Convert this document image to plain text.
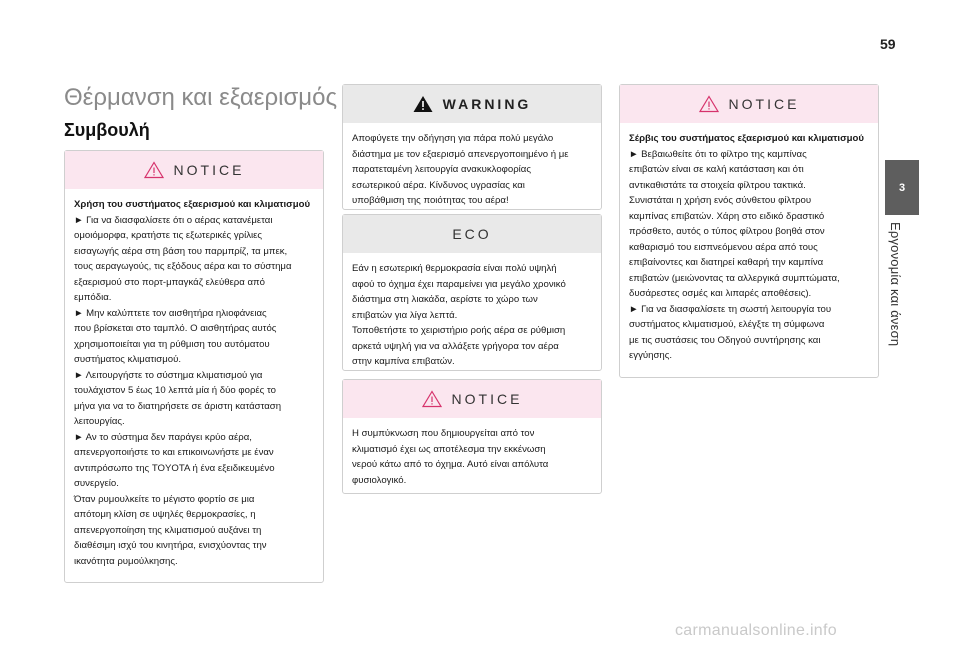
59
3
Εργονομία και άνεση
Θέρμανση και εξαερισμός
Συμβουλή
NOTICE

Χρήση του συστήματος εξαερισμού και κλιματισμού

► Για να διασφαλίσετε ότι ο αέρας κατανέμεται

ομοιόμορφα, κρατήστε τις εξωτερικές γρίλιες

εισαγωγής αέρα στη βάση του παρμπρίζ, τα μπεκ,

τους αεραγωγούς, τις εξόδους αέρα και το σύστημα

εξαερισμού στο πορτ-μπαγκάζ ελεύθερα από

εμπόδια.

► Μην καλύπτετε τον αισθητήρα ηλιοφάνειας

που βρίσκεται στο ταμπλό. Ο αισθητήρας αυτός

χρησιμοποιείται για τη ρύθμιση του αυτόματου

συστήματος κλιματισμού.

► Λειτουργήστε το σύστημα κλιματισμού για

τουλάχιστον 5 έως 10 λεπτά μία ή δύο φορές το

μήνα για να το διατηρήσετε σε άριστη κατάσταση

λειτουργίας.

► Αν το σύστημα δεν παράγει κρύο αέρα,

απενεργοποιήστε το και επικοινωνήστε με έναν

αντιπρόσωπο της TOYOTA ή ένα εξειδικευμένο

συνεργείο.

Όταν ρυμουλκείτε το μέγιστο φορτίο σε μια

απότομη κλίση σε υψηλές θερμοκρασίες, η

απενεργοποίηση της κλιματισμού αυξάνει τη

διαθέσιμη ισχύ του κινητήρα, ενισχύοντας την

ικανότητα ρυμούλκησης.

WARNING

Αποφύγετε την οδήγηση για πάρα πολύ μεγάλο

διάστημα με τον εξαερισμό απενεργοποιημένο ή με

παρατεταμένη λειτουργία ανακυκλοφορίας

εσωτερικού αέρα. Κίνδυνος υγρασίας και

υποβάθμιση της ποιότητας του αέρα!

ECO

Εάν η εσωτερική θερμοκρασία είναι πολύ υψηλή

αφού το όχημα έχει παραμείνει για μεγάλο χρονικό

διάστημα στη λιακάδα, αερίστε το χώρο των

επιβατών για λίγα λεπτά.

Τοποθετήστε το χειριστήριο ροής αέρα σε ρύθμιση

αρκετά υψηλή για να αλλάξετε γρήγορα τον αέρα

στην καμπίνα επιβατών.

NOTICE

Η συμπύκνωση που δημιουργείται από τον

κλιματισμό έχει ως αποτέλεσμα την εκκένωση

νερού κάτω από το όχημα. Αυτό είναι απόλυτα

φυσιολογικό.

NOTICE

Σέρβις του συστήματος εξαερισμού και κλιματισμού

► Βεβαιωθείτε ότι το φίλτρο της καμπίνας

επιβατών είναι σε καλή κατάσταση και ότι

αντικαθιστάτε τα στοιχεία φίλτρου τακτικά.

Συνιστάται η χρήση ενός σύνθετου φίλτρου

καμπίνας επιβατών. Χάρη στο ειδικό δραστικό

πρόσθετο, αυτός ο τύπος φίλτρου βοηθά στον

καθαρισμό του εισπνεόμενου αέρα από τους

επιβαίνοντες και διατηρεί καθαρή την καμπίνα

επιβατών (μειώνοντας τα αλλεργικά συμπτώματα,

δυσάρεστες οσμές και λιπαρές αποθέσεις).

► Για να διασφαλίσετε τη σωστή λειτουργία του

συστήματος κλιματισμού, ελέγξτε τη σύμφωνα

με τις συστάσεις του Οδηγού συντήρησης και

εγγύησης.

carmanualsonline.info
